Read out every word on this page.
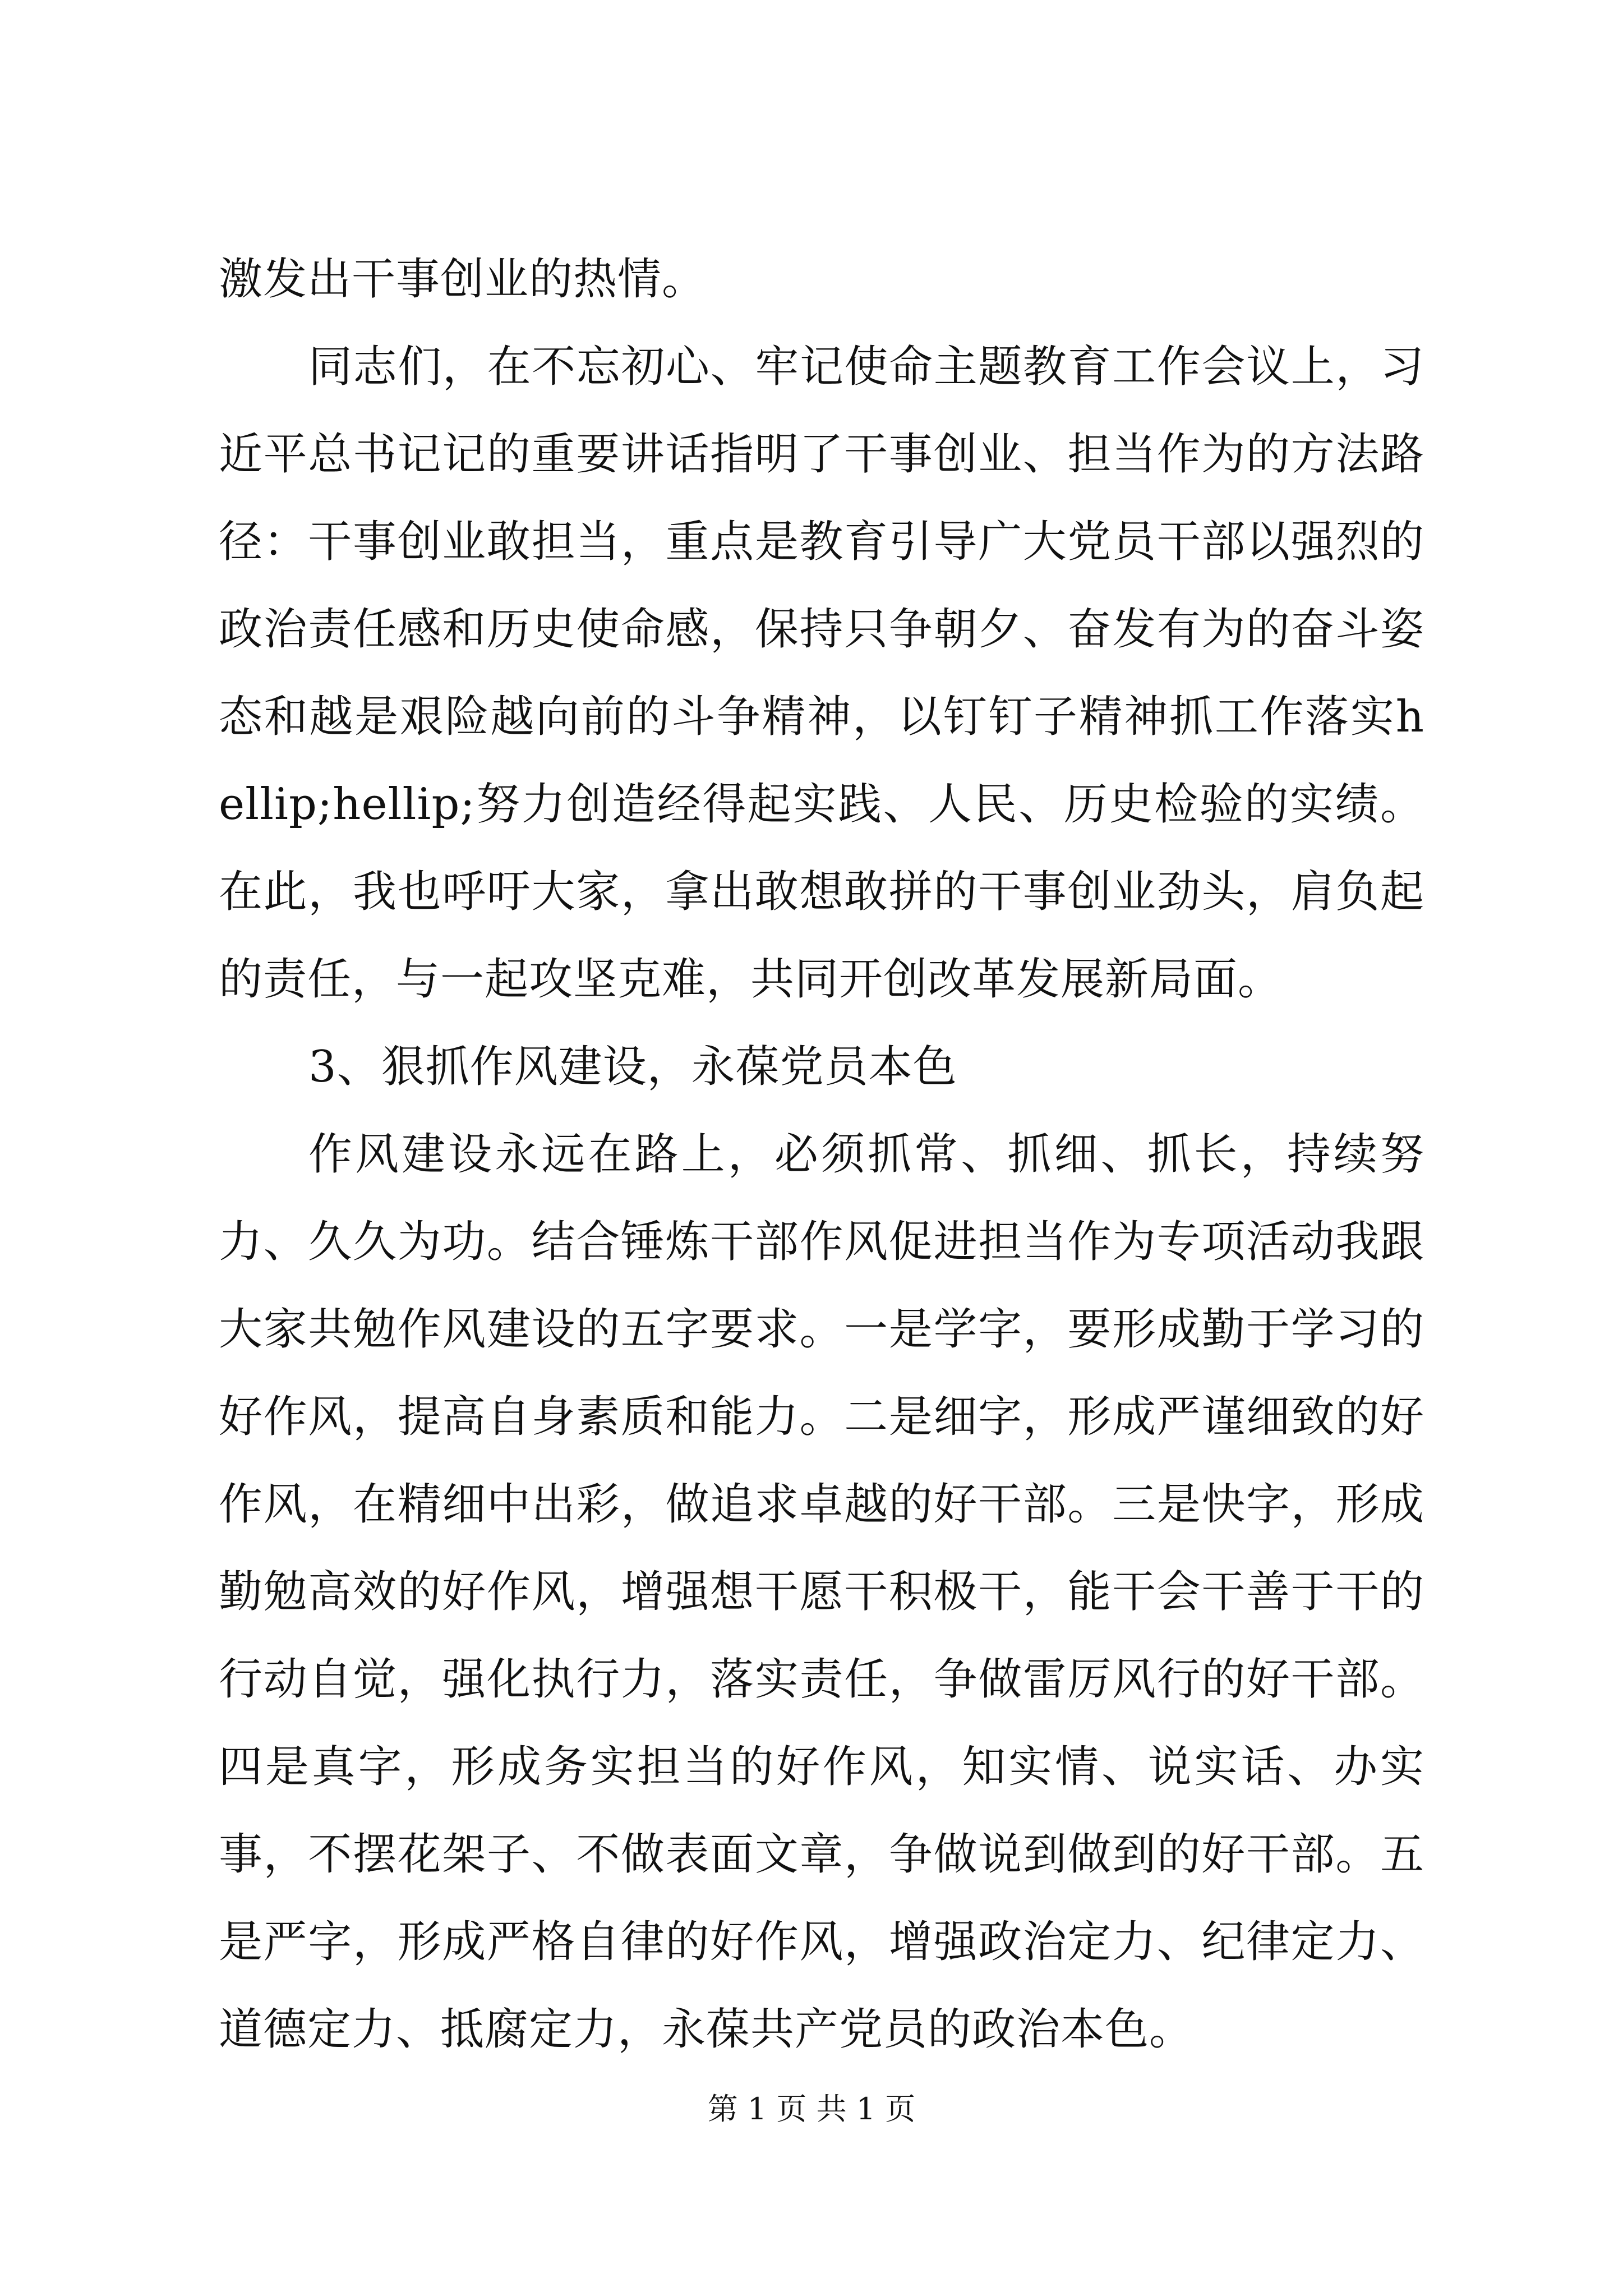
激发出干事创业的热情。

同志们，在不忘初心、牢记使命主题教育工作会议上，习近平总书记记的重要讲话指明了干事创业、担当作为的方法路径：干事创业敢担当，重点是教育引导广大党员干部以强烈的政治责任感和历史使命感，保持只争朝夕、奋发有为的奋斗姿态和越是艰险越向前的斗争精神，以钉钉子精神抓工作落实hellip;hellip;努力创造经得起实践、人民、历史检验的实绩。在此，我也呼吁大家，拿出敢想敢拼的干事创业劲头，肩负起的责任，与一起攻坚克难，共同开创改革发展新局面。

3、狠抓作风建设，永葆党员本色

作风建设永远在路上，必须抓常、抓细、抓长，持续努力、久久为功。结合锤炼干部作风促进担当作为专项活动我跟大家共勉作风建设的五字要求。一是学字，要形成勤于学习的好作风，提高自身素质和能力。二是细字，形成严谨细致的好作风，在精细中出彩，做追求卓越的好干部。三是快字，形成勤勉高效的好作风，增强想干愿干积极干，能干会干善于干的行动自觉，强化执行力，落实责任，争做雷厉风行的好干部。四是真字，形成务实担当的好作风，知实情、说实话、办实事，不摆花架子、不做表面文章，争做说到做到的好干部。五是严字，形成严格自律的好作风，增强政治定力、纪律定力、道德定力、抵腐定力，永葆共产党员的政治本色。

第 1 页 共 1 页
